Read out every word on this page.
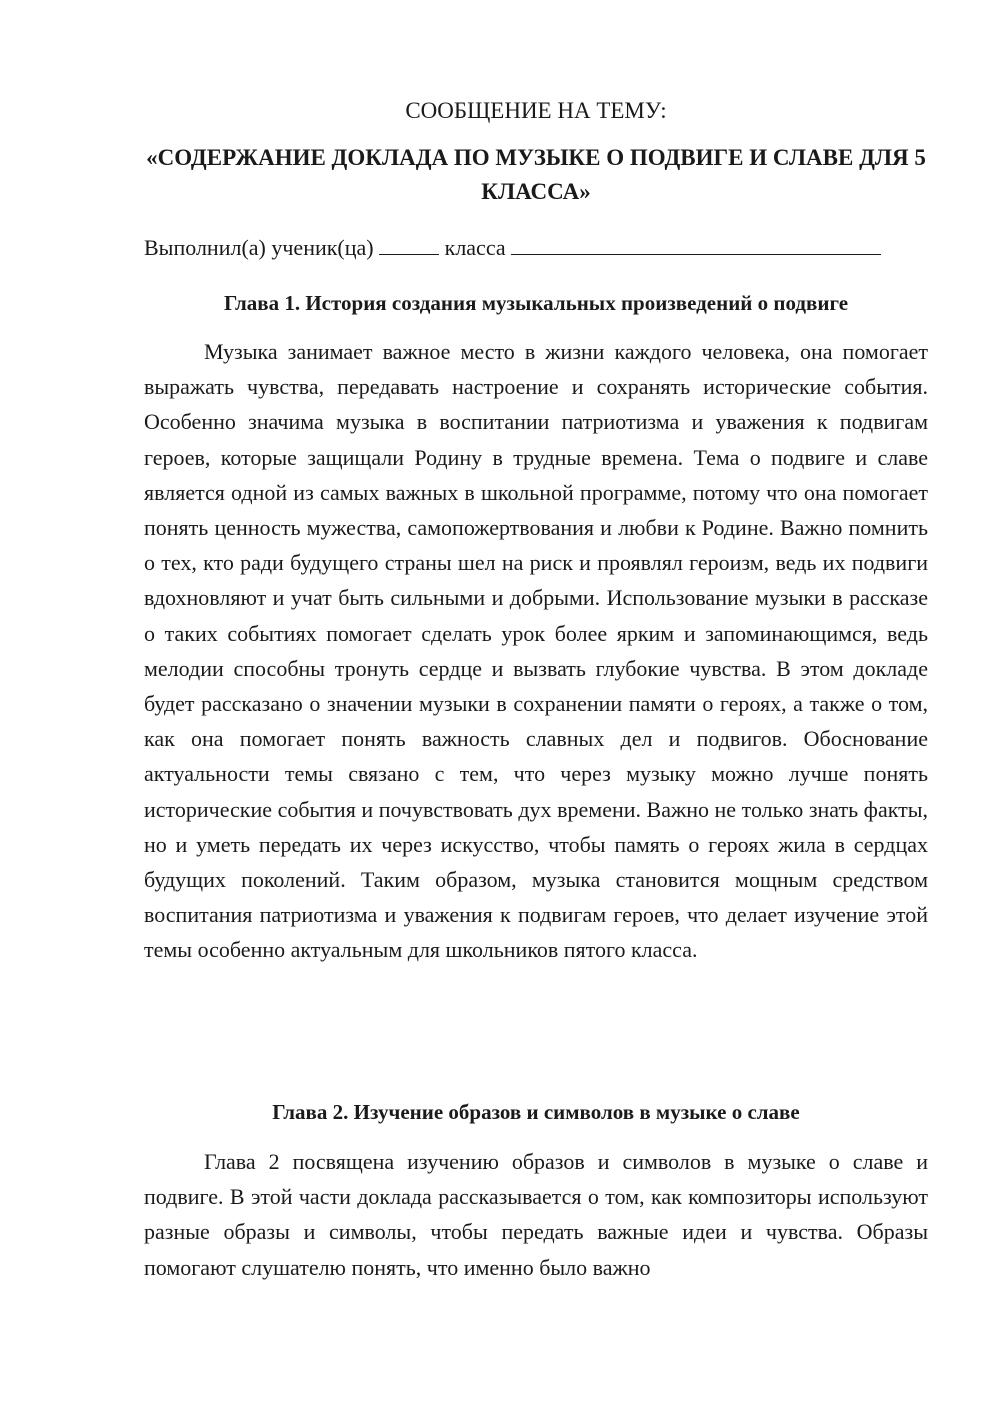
СООБЩЕНИЕ НА ТЕМУ:
«СОДЕРЖАНИЕ ДОКЛАДА ПО МУЗЫКЕ О ПОДВИГЕ И СЛАВЕ ДЛЯ 5 КЛАССА»
Выполнил(а) ученик(ца)	класса
Глава 1. История создания музыкальных произведений о подвиге

Музыка занимает важное место в жизни каждого человека, она помогает выражать чувства, передавать настроение и сохранять исторические события. Особенно значима музыка в воспитании патриотизма и уважения к подвигам героев, которые защищали Родину в трудные времена. Тема о подвиге и славе является одной из самых важных в школьной программе, потому что она помогает понять ценность мужества, самопожертвования и любви к Родине. Важно помнить о тех, кто ради будущего страны шел на риск и проявлял героизм, ведь их подвиги вдохновляют и учат быть сильными и добрыми. Использование музыки в рассказе о таких событиях помогает сделать урок более ярким и запоминающимся, ведь мелодии способны тронуть сердце и вызвать глубокие чувства. В этом докладе будет рассказано о значении музыки в сохранении памяти о героях, а также о том, как она помогает понять важность славных дел и подвигов. Обоснование актуальности темы связано с тем, что через музыку можно лучше понять исторические события и почувствовать дух времени. Важно не только знать факты, но и уметь передать их через искусство, чтобы память о героях жила в сердцах будущих поколений. Таким образом, музыка становится мощным средством воспитания патриотизма и уважения к подвигам героев, что делает изучение этой темы особенно актуальным для школьников пятого класса.

Глава 2. Изучение образов и символов в музыке о славе

Глава 2 посвящена изучению образов и символов в музыке о славе и подвиге. В этой части доклада рассказывается о том, как композиторы используют разные образы и символы, чтобы передать важные идеи и чувства. Образы помогают слушателю понять, что именно было важно
